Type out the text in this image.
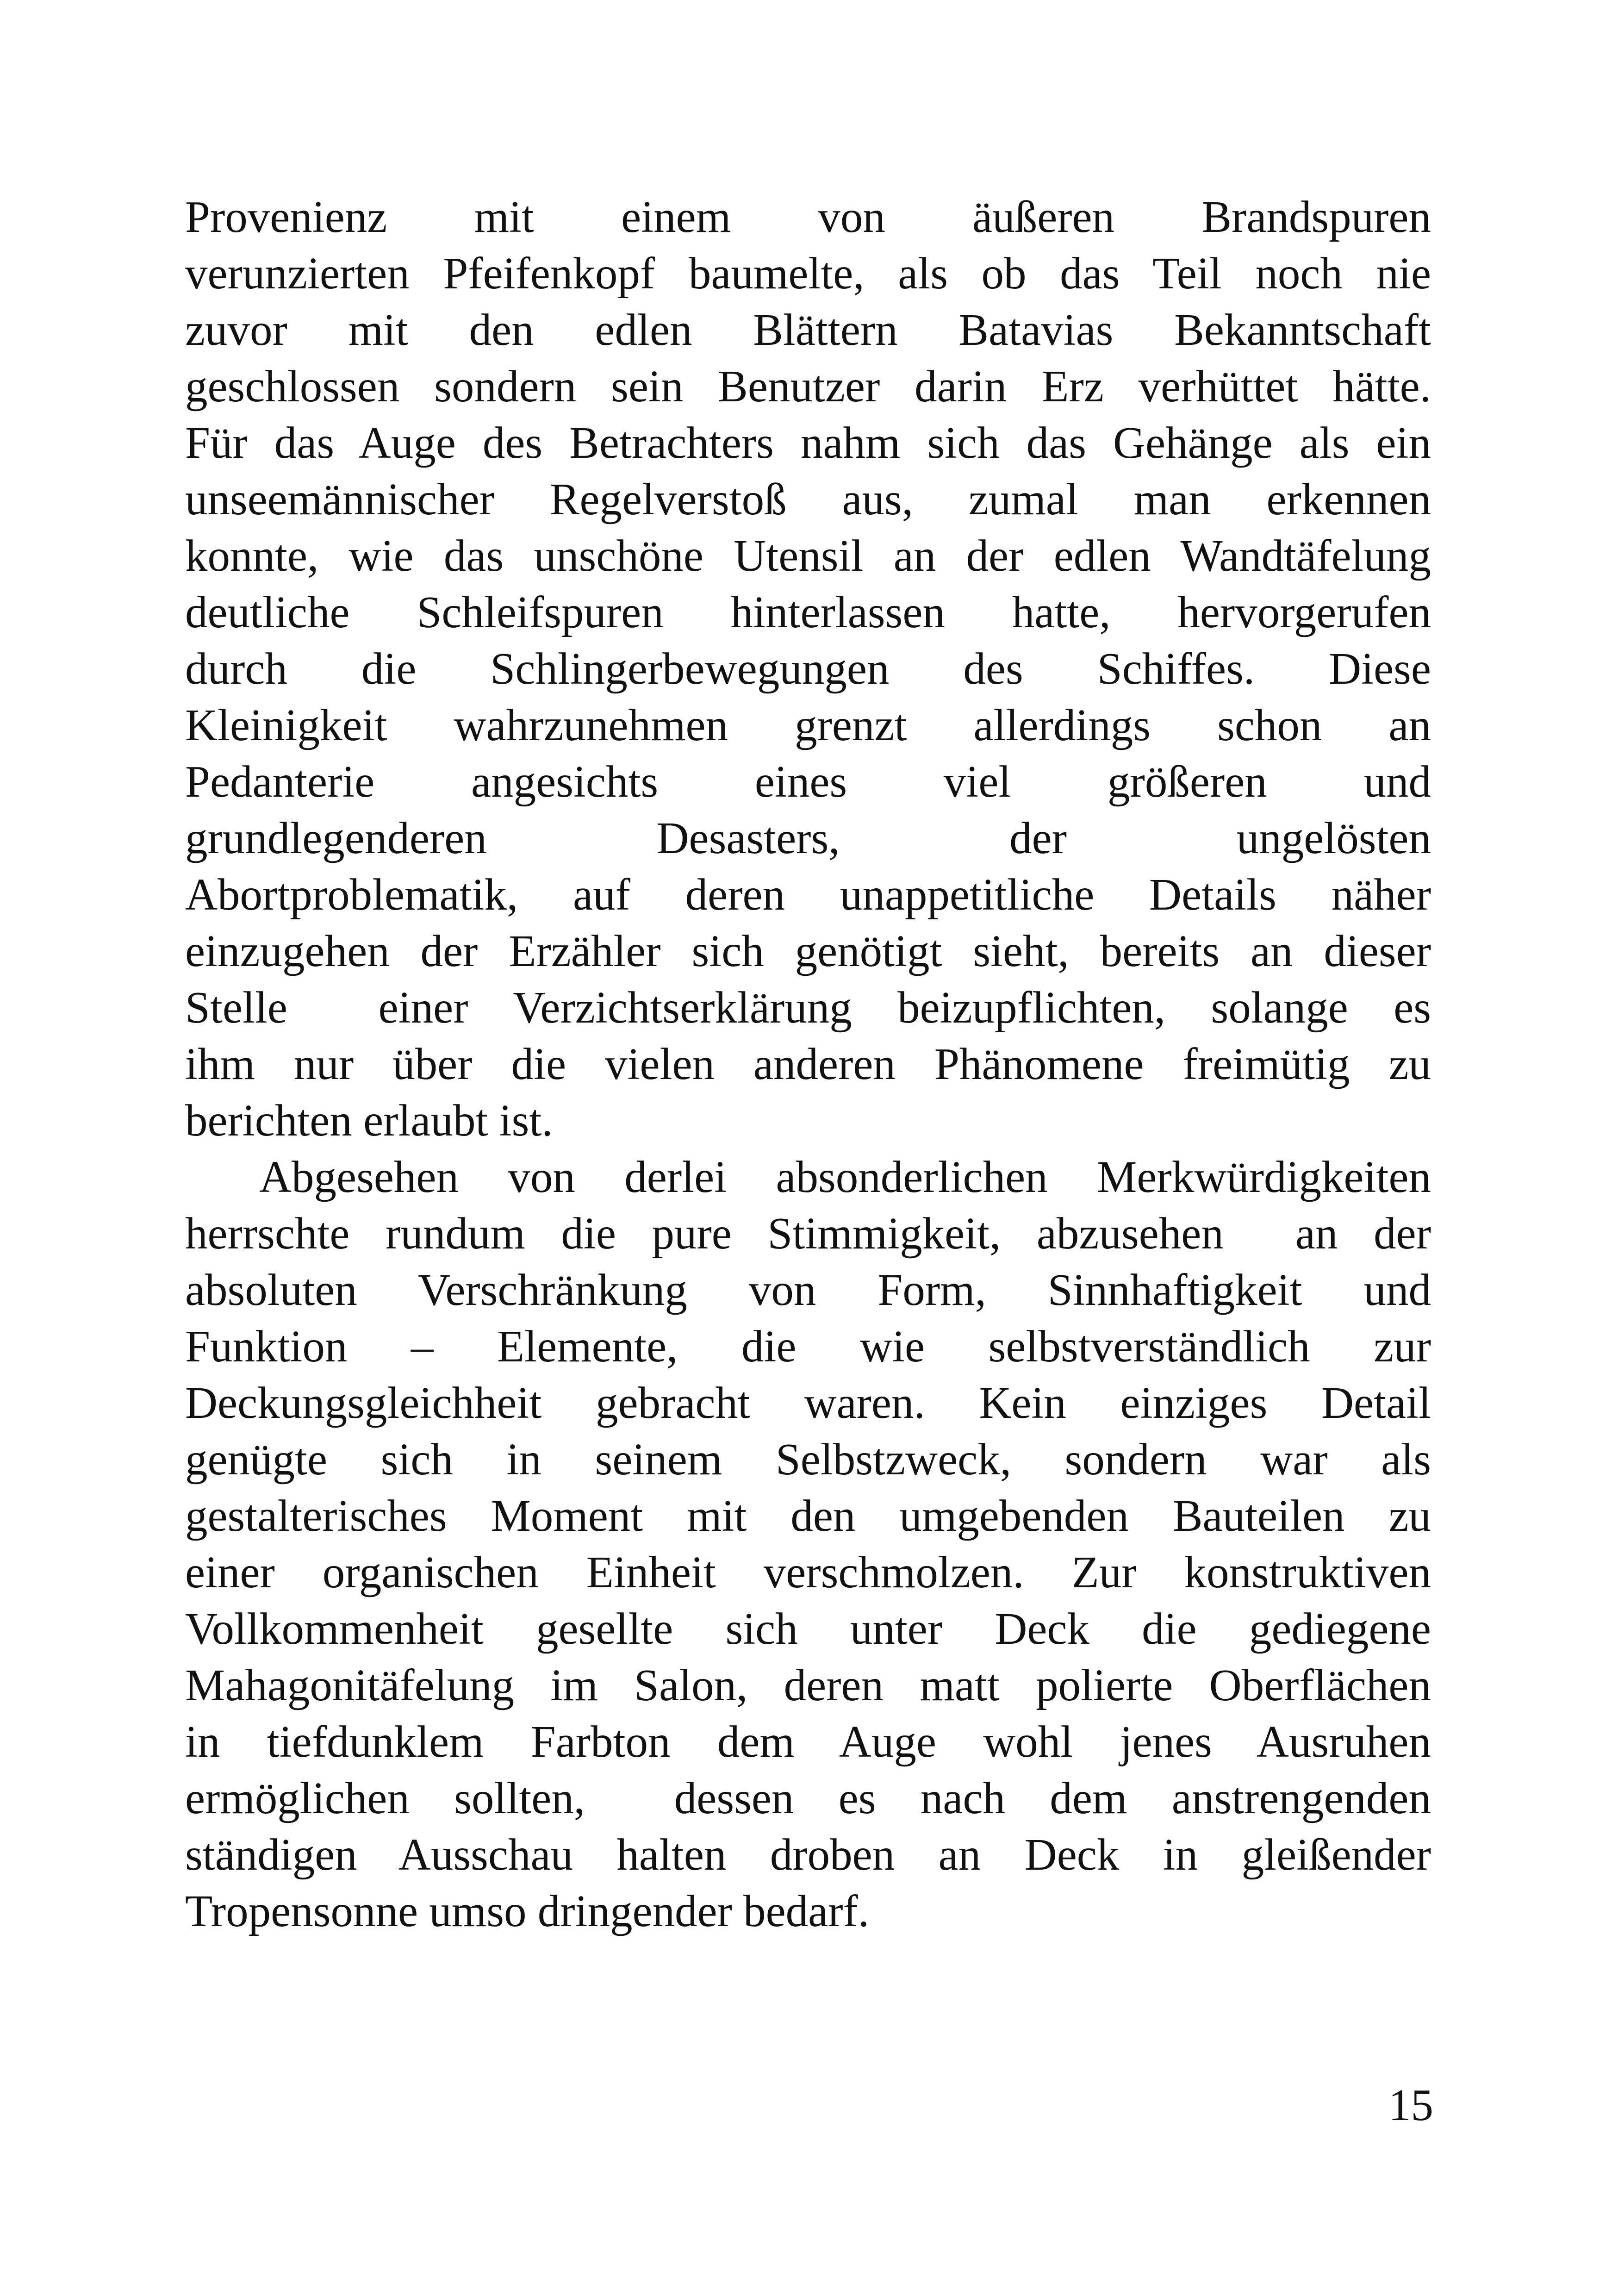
Provenienz mit einem von äußeren Brandspuren
verunzierten Pfeifenkopf baumelte, als ob das Teil noch nie
zuvor mit den edlen Blättern Batavias Bekanntschaft
geschlossen sondern sein Benutzer darin Erz verhüttet hätte.
Für das Auge des Betrachters nahm sich das Gehänge als ein
unseemännischer Regelverstoß aus, zumal man erkennen
konnte, wie das unschöne Utensil an der edlen Wandtäfelung
deutliche Schleifspuren hinterlassen hatte, hervorgerufen
durch die Schlingerbewegungen des Schiffes. Diese
Kleinigkeit wahrzunehmen grenzt allerdings schon an
Pedanterie angesichts eines viel größeren und
grundlegenderen Desasters, der ungelösten
Abortproblematik, auf deren unappetitliche Details näher
einzugehen der Erzähler sich genötigt sieht, bereits an dieser
Stelle  einer Verzichtserklärung beizupflichten, solange es
ihm nur über die vielen anderen Phänomene freimütig zu
berichten erlaubt ist.
Abgesehen von derlei absonderlichen Merkwürdigkeiten
herrschte rundum die pure Stimmigkeit, abzusehen  an der
absoluten Verschränkung von Form, Sinnhaftigkeit und
Funktion – Elemente, die wie selbstverständlich zur
Deckungsgleichheit gebracht waren. Kein einziges Detail
genügte sich in seinem Selbstzweck, sondern war als
gestalterisches Moment mit den umgebenden Bauteilen zu
einer organischen Einheit verschmolzen. Zur konstruktiven
Vollkommenheit gesellte sich unter Deck die gediegene
Mahagonitäfelung im Salon, deren matt polierte Oberflächen
in tiefdunklem Farbton dem Auge wohl jenes Ausruhen
ermöglichen sollten,  dessen es nach dem anstrengenden
ständigen Ausschau halten droben an Deck in gleißender
Tropensonne umso dringender bedarf.
15
